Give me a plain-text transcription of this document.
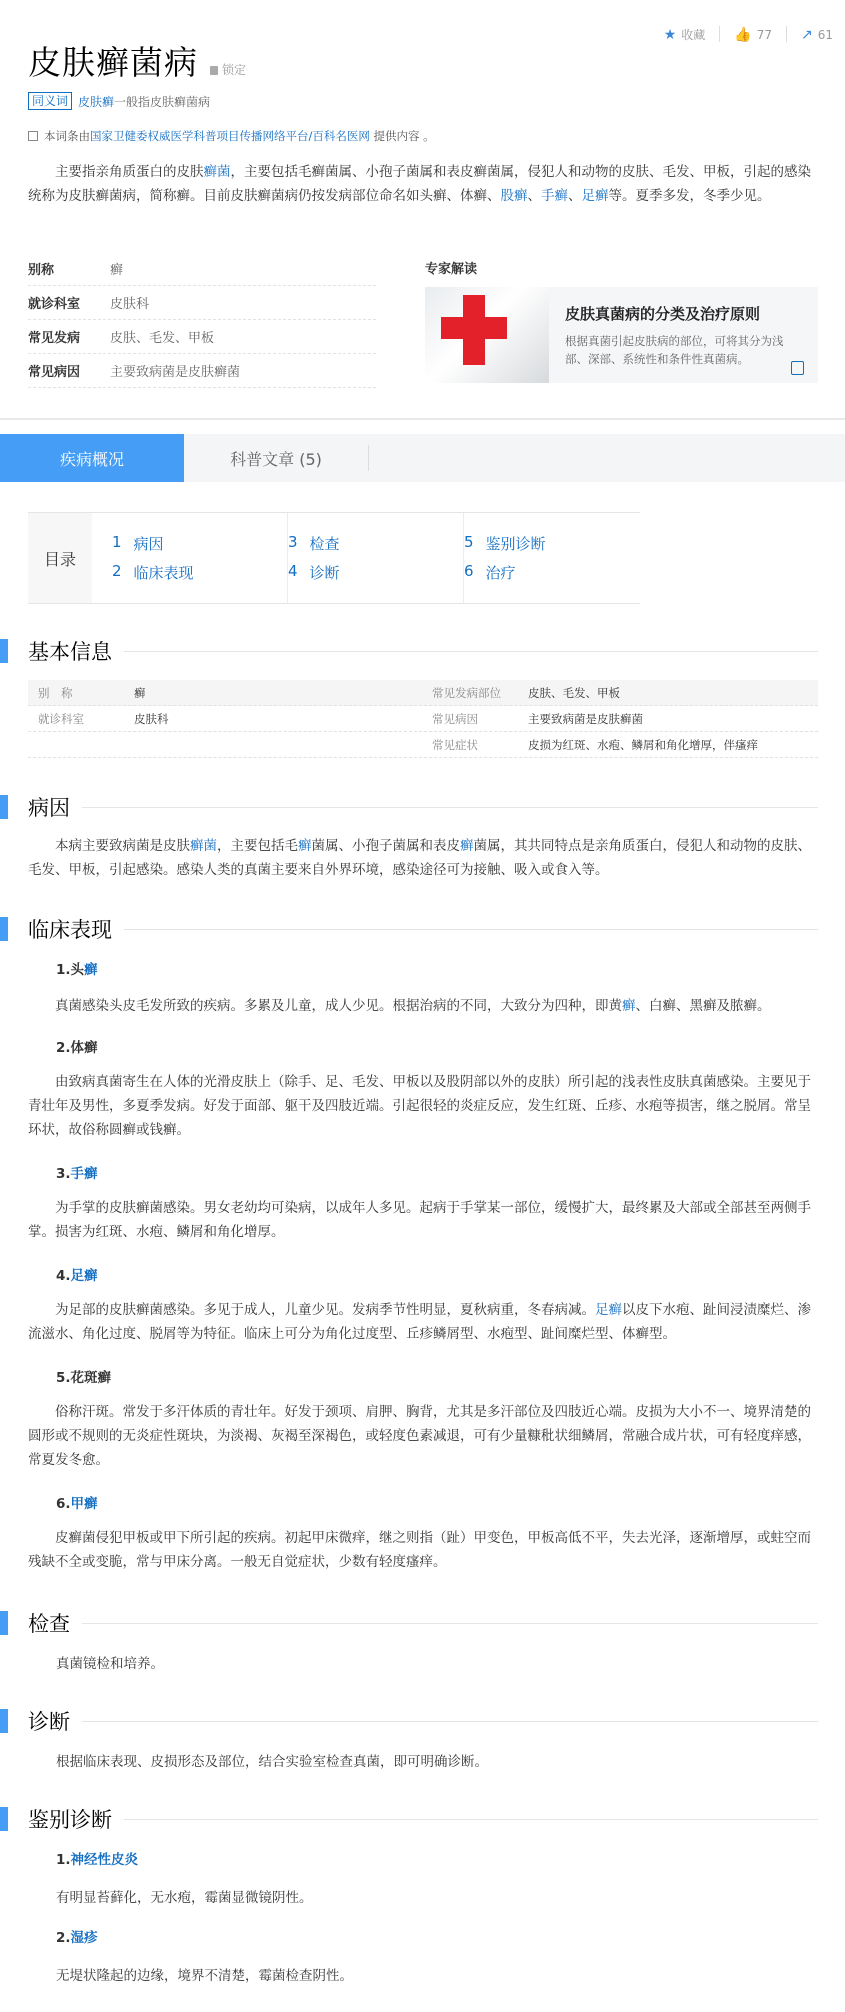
★ 收藏 👍 77 ↗ 61
皮肤癣菌病 锁定
同义词 皮肤癣一般指皮肤癣菌病
本词条由国家卫健委权威医学科普项目传播网络平台/百科名医网 提供内容 。

主要指亲角质蛋白的皮肤癣菌，主要包括毛癣菌属、小孢子菌属和表皮癣菌属，侵犯人和动物的皮肤、毛发、甲板，引起的感染统称为皮肤癣菌病，简称癣。目前皮肤癣菌病仍按发病部位命名如头癣、体癣、股癣、手癣、足癣等。夏季多发，冬季少见。

别称	癣
就诊科室	皮肤科
常见发病	皮肤、毛发、甲板
常见病因	主要致病菌是皮肤癣菌
专家解读
皮肤真菌病的分类及治疗原则
根据真菌引起皮肤病的部位，可将其分为浅部、深部、系统性和条件性真菌病。
疾病概况	科普文章 (5)
目录
1 病因
2 临床表现
3 检查
4 诊断
5 鉴别诊断
6 治疗
基本信息
别　称	癣	常见发病部位	皮肤、毛发、甲板
就诊科室	皮肤科	常见病因	主要致病菌是皮肤癣菌
常见症状	皮损为红斑、水疱、鳞屑和角化增厚，伴瘙痒
病因

本病主要致病菌是皮肤癣菌，主要包括毛癣菌属、小孢子菌属和表皮癣菌属，其共同特点是亲角质蛋白，侵犯人和动物的皮肤、毛发、甲板，引起感染。感染人类的真菌主要来自外界环境，感染途径可为接触、吸入或食入等。

临床表现
1.头癣

真菌感染头皮毛发所致的疾病。多累及儿童，成人少见。根据治病的不同，大致分为四种，即黄癣、白癣、黑癣及脓癣。

2.体癣

由致病真菌寄生在人体的光滑皮肤上（除手、足、毛发、甲板以及股阴部以外的皮肤）所引起的浅表性皮肤真菌感染。主要见于青壮年及男性，多夏季发病。好发于面部、躯干及四肢近端。引起很轻的炎症反应，发生红斑、丘疹、水疱等损害，继之脱屑。常呈环状，故俗称圆癣或钱癣。

3.手癣

为手掌的皮肤癣菌感染。男女老幼均可染病，以成年人多见。起病于手掌某一部位，缓慢扩大，最终累及大部或全部甚至两侧手掌。损害为红斑、水疱、鳞屑和角化增厚。

4.足癣

为足部的皮肤癣菌感染。多见于成人，儿童少见。发病季节性明显，夏秋病重，冬春病减。足癣以皮下水疱、趾间浸渍糜烂、渗流滋水、角化过度、脱屑等为特征。临床上可分为角化过度型、丘疹鳞屑型、水疱型、趾间糜烂型、体癣型。

5.花斑癣

俗称汗斑。常发于多汗体质的青壮年。好发于颈项、肩胛、胸背，尤其是多汗部位及四肢近心端。皮损为大小不一、境界清楚的圆形或不规则的无炎症性斑块，为淡褐、灰褐至深褐色，或轻度色素减退，可有少量糠秕状细鳞屑，常融合成片状，可有轻度痒感，常夏发冬愈。

6.甲癣

皮癣菌侵犯甲板或甲下所引起的疾病。初起甲床微痒，继之则指（趾）甲变色，甲板高低不平，失去光泽，逐渐增厚，或蛀空而残缺不全或变脆，常与甲床分离。一般无自觉症状，少数有轻度瘙痒。

检查
真菌镜检和培养。
诊断
根据临床表现、皮损形态及部位，结合实验室检查真菌，即可明确诊断。
鉴别诊断
1.神经性皮炎
有明显苔藓化，无水疱，霉菌显微镜阴性。
2.湿疹
无堤状隆起的边缘，境界不清楚，霉菌检查阴性。
